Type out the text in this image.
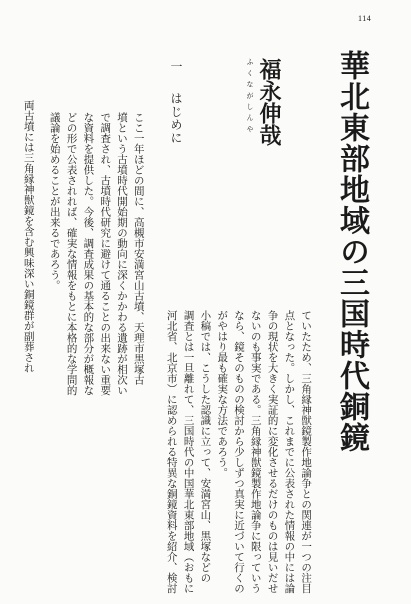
114
華北東部地域の三国時代銅鏡
ふくながしんや 福永伸哉
一
はじめに
ここ一年ほどの間に、高槻市安満宮山古墳、天理市黒塚古
墳という古墳時代開始期の動向に深くかかわる遺跡が相次い
で調査され、古墳時代研究に避けて通ることの出来ない重要
な資料を提供した。今後、調査成果の基本的な部分が概報な
どの形で公表されれば、確実な情報をもとに本格的な学問的
議論を始めることが出来るであろう。
両古墳には三角縁神獣鏡を含む興味深い銅鏡群が副葬され
ていたため、三角縁神獣鏡製作地論争との関連が一つの注目
点となった。しかし、これまでに公表された情報の中には論
争の現状を大きく実証的に変化させるだけのものは見いだせ
ないのも事実である。三角縁神獣鏡製作地論争に限っていう
なら、鏡そのものの検討から少しずつ真実に近づいて行くの
がやはり最も確実な方法であろう。
小稿では、こうした認識に立って、安満宮山、黒塚などの
調査とは一旦離れて、三国時代の中国華北東部地域（おもに
河北省、北京市）に認められる特異な銅鏡資料を紹介、検討
